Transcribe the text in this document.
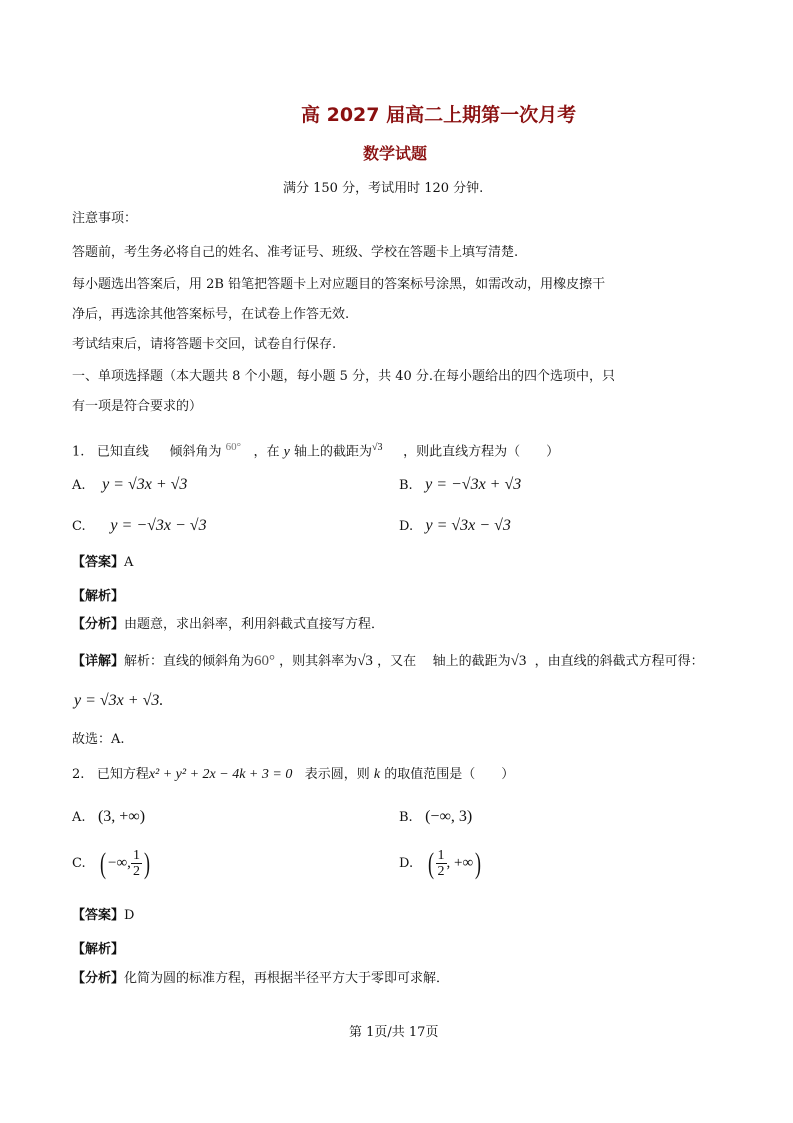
高 2027 届高二上期第一次月考
数学试题
满分 150 分，考试用时 120 分钟.
注意事项：
答题前，考生务必将自己的姓名、准考证号、班级、学校在答题卡上填写清楚.
每小题选出答案后，用 2B 铅笔把答题卡上对应题目的答案标号涂黑，如需改动，用橡皮擦干
净后，再选涂其他答案标号，在试卷上作答无效.
考试结束后，请将答题卡交回，试卷自行保存.
一、单项选择题（本大题共 8 个小题，每小题 5 分，共 40 分.在每小题给出的四个选项中，只
有一项是符合要求的）
1. 已知直线 倾斜角为 $^{60^\circ}$ ，在 y 轴上的截距为$^{√3}$ ，则此直线方程为（　　）
A. y = √3x + √3	B. y = −√3x + √3
C. y = −√3x − √3	D. y = √3x − √3
【答案】A
【解析】
【分析】由题意，求出斜率，利用斜截式直接写方程．
【详解】解析：直线的倾斜角为60° ，则其斜率为√3 ，又在 轴上的截距为√3 ，由直线的斜截式方程可得：
y = √3x + √3.
故选：A.
2. 已知方程x² + y² + 2x − 4k + 3 = 0 表示圆，则 k 的取值范围是（　　）
A. (3, +∞)	B. (−∞, 3)
C. ( −∞, $\frac{1}{2}$ )	D. ( $\frac{1}{2}$ , +∞)
【答案】D
【解析】
【分析】化简为圆的标准方程，再根据半径平方大于零即可求解．
第 1页/共 17页
